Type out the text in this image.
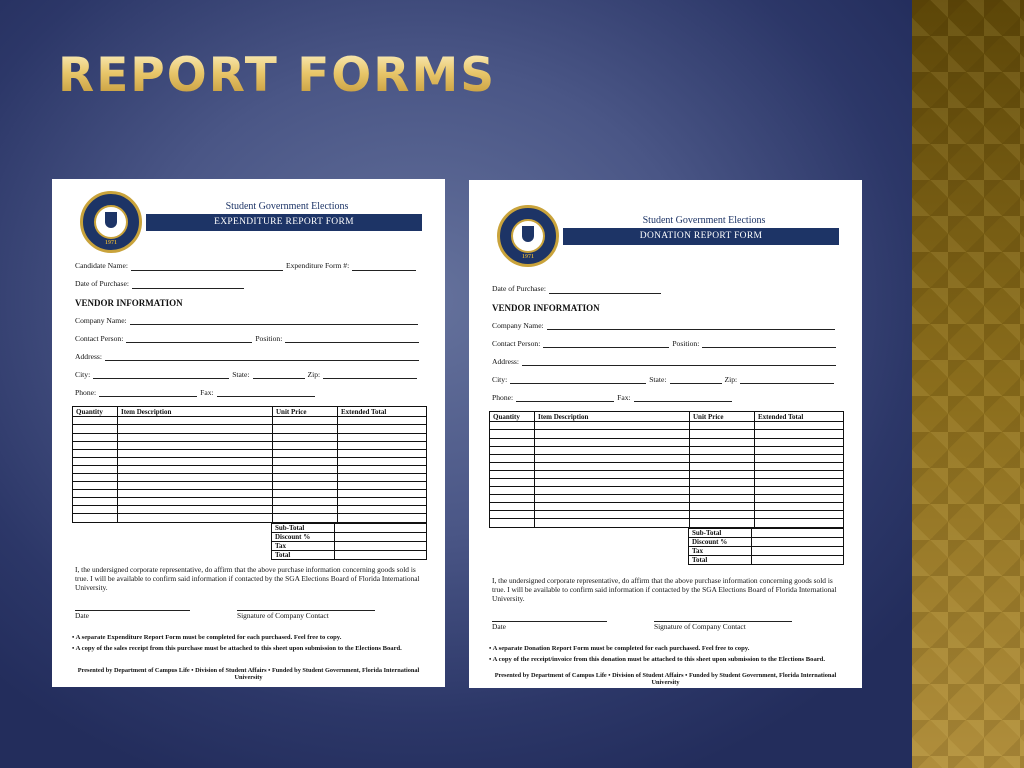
REPORT FORMS
1971
Student Government Elections
EXPENDITURE REPORT FORM
Candidate Name:	Expenditure Form #:
Date of Purchase:
VENDOR INFORMATION
Company Name:
Contact Person:	Position:
Address:
City:	State:	Zip:
Phone:	Fax:
Quantity	Item Description	Unit Price	Extended Total

Sub-Total	
Discount %	
Tax	
Total	
I, the undersigned corporate representative, do affirm that the above purchase information concerning goods sold is true. I will be available to confirm said information if contacted by the SGA Elections Board of Florida International University.
Date	Signature of Company Contact
• A separate Expenditure Report Form must be completed for each purchased. Feel free to copy.
• A copy of the sales receipt from this purchase must be attached to this sheet upon submission to the Elections Board.
Presented by Department of Campus Life • Division of Student Affairs • Funded by Student Government, Florida International University
1971
Student Government Elections
DONATION REPORT FORM
Date of Purchase:
VENDOR INFORMATION
Company Name:
Contact Person:	Position:
Address:
City:	State:	Zip:
Phone:	Fax:
Quantity	Item Description	Unit Price	Extended Total

Sub-Total	
Discount %	
Tax	
Total	
I, the undersigned corporate representative, do affirm that the above purchase information concerning goods sold is true. I will be available to confirm said information if contacted by the SGA Elections Board of Florida International University.
Date	Signature of Company Contact
• A separate Donation Report Form must be completed for each purchased. Feel free to copy.
• A copy of the receipt/invoice from this donation must be attached to this sheet upon submission to the Elections Board.
Presented by Department of Campus Life • Division of Student Affairs • Funded by Student Government, Florida International University
